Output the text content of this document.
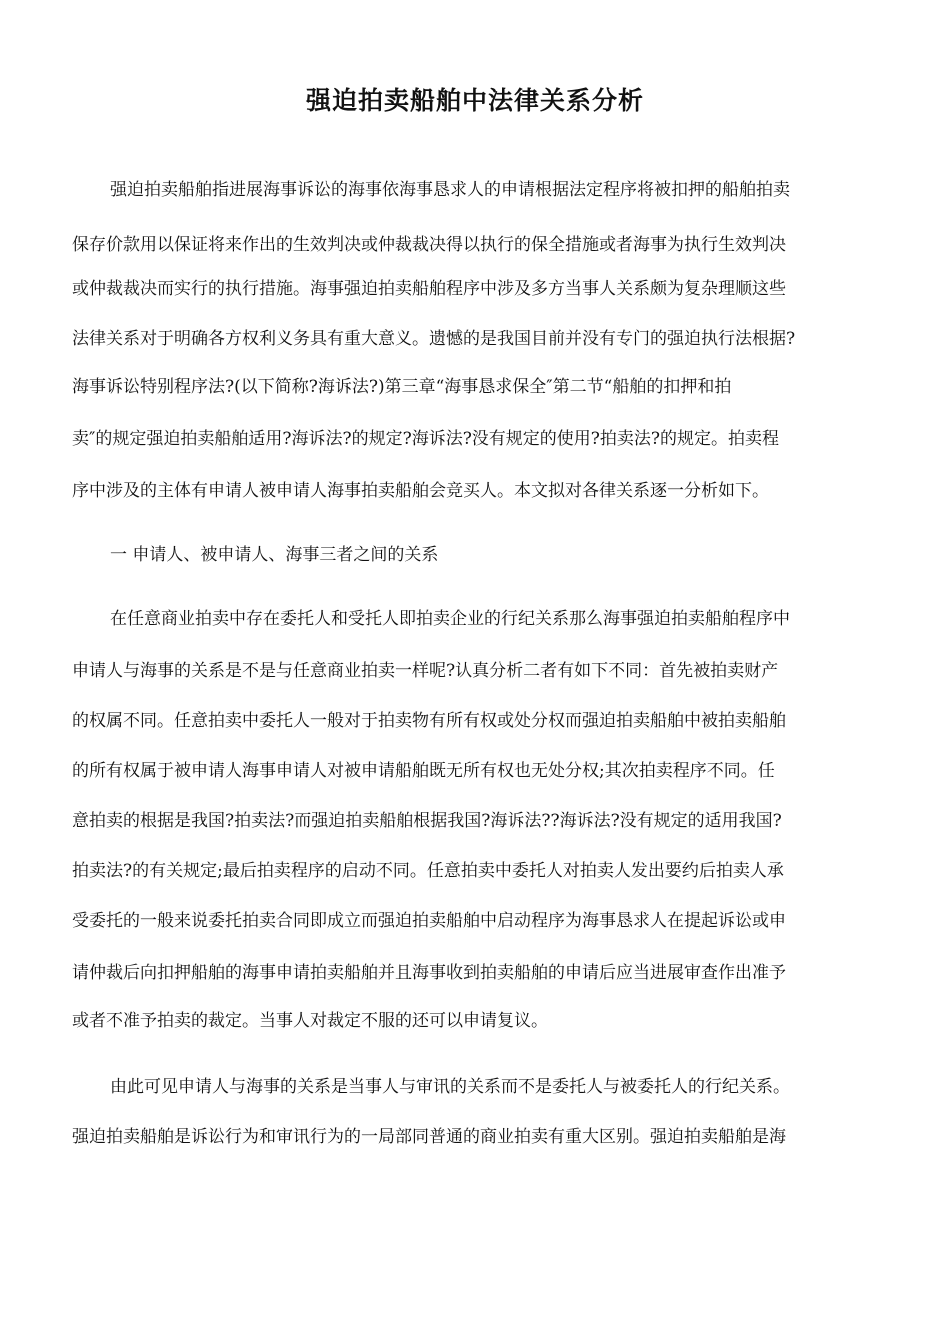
强迫拍卖船舶中法律关系分析

强迫拍卖船舶指进展海事诉讼的海事依海事恳求人的申请根据法定程序将被扣押的船舶拍卖

保存价款用以保证将来作出的生效判决或仲裁裁决得以执行的保全措施或者海事为执行生效判决

或仲裁裁决而实行的执行措施。海事强迫拍卖船舶程序中涉及多方当事人关系颇为复杂理顺这些

法律关系对于明确各方权利义务具有重大意义。遗憾的是我国目前并没有专门的强迫执行法根据?

海事诉讼特别程序法?(以下简称?海诉法?)第三章“海事恳求保全″第二节“船舶的扣押和拍

卖″的规定强迫拍卖船舶适用?海诉法?的规定?海诉法?没有规定的使用?拍卖法?的规定。拍卖程

序中涉及的主体有申请人被申请人海事拍卖船舶会竞买人。本文拟对各律关系逐一分析如下。

一 申请人、被申请人、海事三者之间的关系

在任意商业拍卖中存在委托人和受托人即拍卖企业的行纪关系那么海事强迫拍卖船舶程序中

申请人与海事的关系是不是与任意商业拍卖一样呢?认真分析二者有如下不同：首先被拍卖财产

的权属不同。任意拍卖中委托人一般对于拍卖物有所有权或处分权而强迫拍卖船舶中被拍卖船舶

的所有权属于被申请人海事申请人对被申请船舶既无所有权也无处分权;其次拍卖程序不同。任

意拍卖的根据是我国?拍卖法?而强迫拍卖船舶根据我国?海诉法??海诉法?没有规定的适用我国?

拍卖法?的有关规定;最后拍卖程序的启动不同。任意拍卖中委托人对拍卖人发出要约后拍卖人承

受委托的一般来说委托拍卖合同即成立而强迫拍卖船舶中启动程序为海事恳求人在提起诉讼或申

请仲裁后向扣押船舶的海事申请拍卖船舶并且海事收到拍卖船舶的申请后应当进展审查作出准予

或者不准予拍卖的裁定。当事人对裁定不服的还可以申请复议。

由此可见申请人与海事的关系是当事人与审讯的关系而不是委托人与被委托人的行纪关系。

强迫拍卖船舶是诉讼行为和审讯行为的一局部同普通的商业拍卖有重大区别。强迫拍卖船舶是海
